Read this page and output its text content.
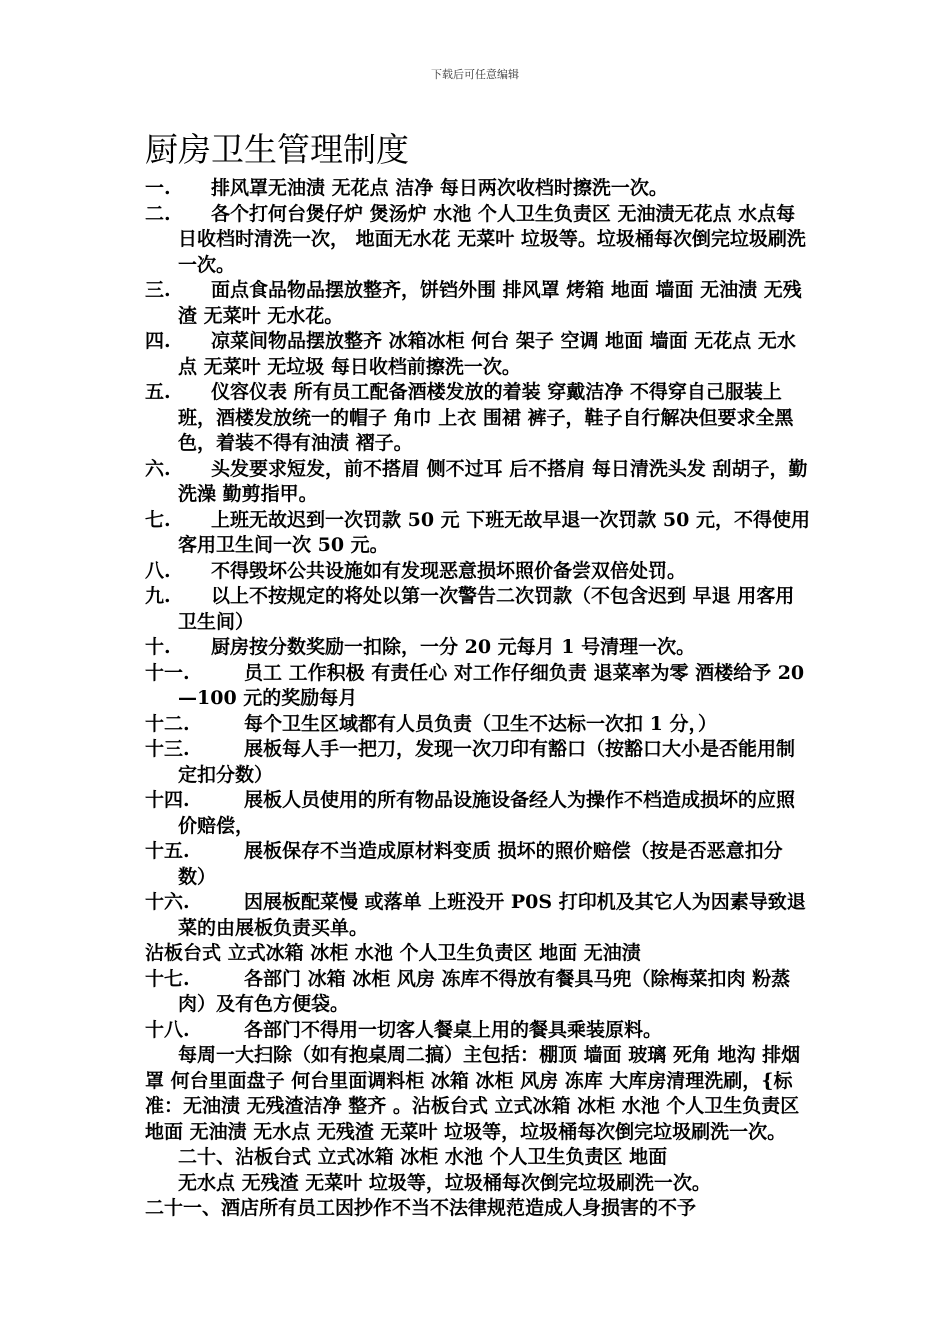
下载后可任意编辑
厨房卫生管理制度

一. 排风罩无油渍 无花点 洁净 每日两次收档时擦洗一次。

二. 各个打何台煲仔炉 煲汤炉 水池 个人卫生负责区 无油渍无花点 水点每日收档时清洗一次， 地面无水花 无菜叶 垃圾等。垃圾桶每次倒完垃圾刷洗一次。

三. 面点食品物品摆放整齐，饼铛外围 排风罩 烤箱 地面 墙面 无油渍 无残渣 无菜叶 无水花。

四. 凉菜间物品摆放整齐 冰箱冰柜 何台 架子 空调 地面 墙面 无花点 无水点 无菜叶 无垃圾 每日收档前擦洗一次。

五. 仪容仪表 所有员工配备酒楼发放的着装 穿戴洁净 不得穿自己服装上班，酒楼发放统一的帽子 角巾 上衣 围裙 裤子，鞋子自行解决但要求全黑色，着装不得有油渍 褶子。

六. 头发要求短发，前不搭眉 侧不过耳 后不搭肩 每日清洗头发 刮胡子，勤洗澡 勤剪指甲。

七. 上班无故迟到一次罚款 50 元 下班无故早退一次罚款 50 元，不得使用客用卫生间一次 50 元。

八. 不得毁坏公共设施如有发现恶意损坏照价备尝双倍处罚。

九. 以上不按规定的将处以第一次警告二次罚款（不包含迟到 早退 用客用卫生间）

十. 厨房按分数奖励一扣除，一分 20 元每月 1 号清理一次。

十一.	员工 工作积极 有责任心 对工作仔细负责 退菜率为零 酒楼给予 20—100 元的奖励每月

十二.	每个卫生区域都有人员负责（卫生不达标一次扣 1 分，）

十三.	展板每人手一把刀，发现一次刀印有豁口（按豁口大小是否能用制定扣分数）

十四.	展板人员使用的所有物品设施设备经人为操作不档造成损坏的应照价赔偿，

十五.	展板保存不当造成原材料变质 损坏的照价赔偿（按是否恶意扣分数）

十六.	因展板配菜慢 或落单 上班没开 P0S 打印机及其它人为因素导致退菜的由展板负责买单。

沾板台式 立式冰箱 冰柜 水池 个人卫生负责区 地面 无油渍

十七.	各部门 冰箱 冰柜 风房 冻库不得放有餐具马兜（除梅菜扣肉 粉蒸肉）及有色方便袋。

十八.	各部门不得用一切客人餐桌上用的餐具乘装原料。

每周一大扫除（如有抱桌周二搞）主包括：棚顶 墙面 玻璃 死角 地沟 排烟罩 何台里面盘子 何台里面调料柜 冰箱 冰柜 风房 冻库 大库房清理洗刷，{标准：无油渍 无残渣洁净 整齐 。沾板台式 立式冰箱 冰柜 水池 个人卫生负责区 地面 无油渍 无水点 无残渣 无菜叶 垃圾等，垃圾桶每次倒完垃圾刷洗一次。

二十、沾板台式 立式冰箱 冰柜 水池 个人卫生负责区 地面

无水点 无残渣 无菜叶 垃圾等，垃圾桶每次倒完垃圾刷洗一次。

二十一、酒店所有员工因抄作不当不法律规范造成人身损害的不予
